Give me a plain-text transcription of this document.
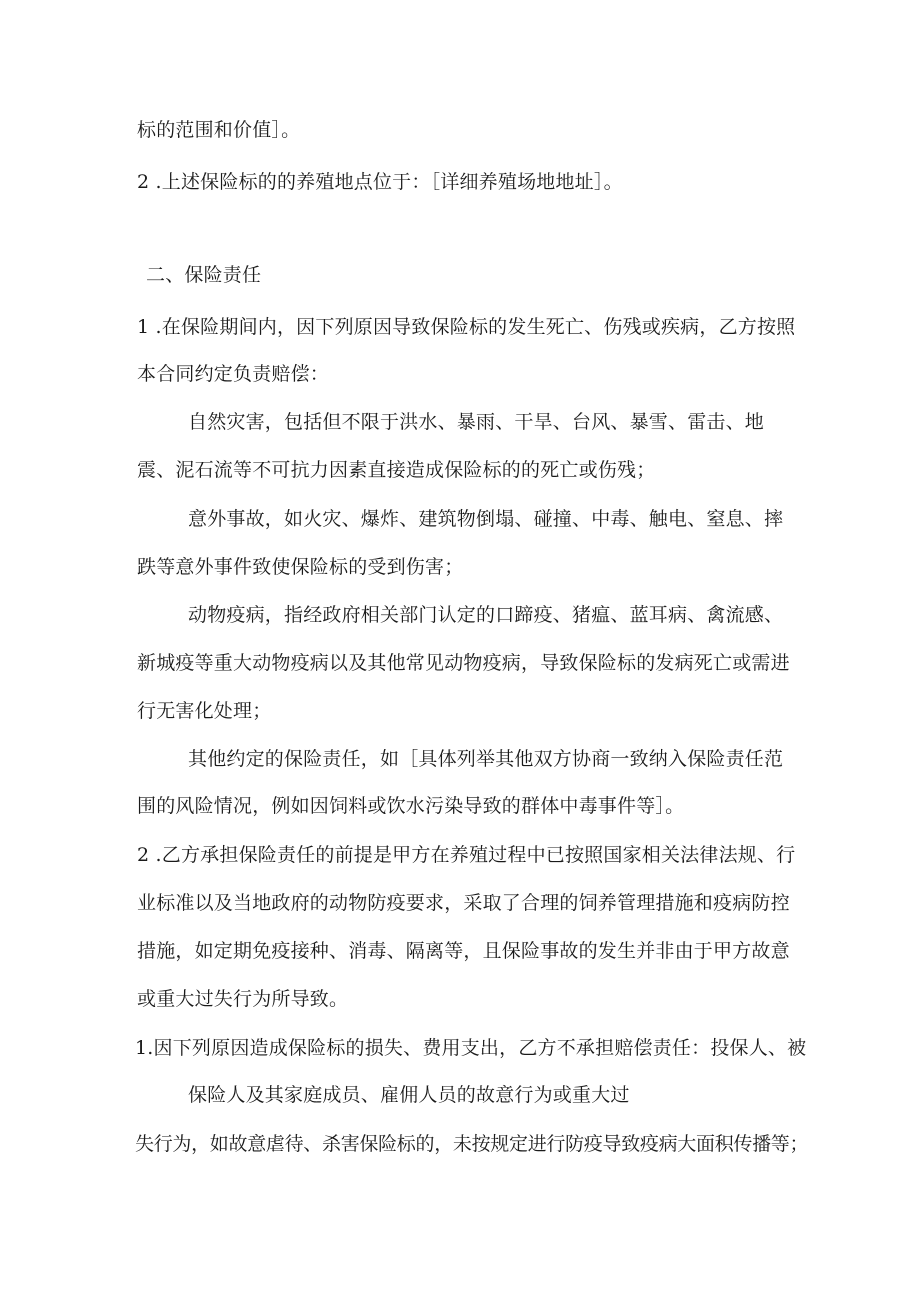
标的范围和价值］。
2 .上述保险标的的养殖地点位于：［详细养殖场地地址］。
二、保险责任
1 .在保险期间内，因下列原因导致保险标的发生死亡、伤残或疾病，乙方按照
本合同约定负责赔偿：
自然灾害，包括但不限于洪水、暴雨、干旱、台风、暴雪、雷击、地
震、泥石流等不可抗力因素直接造成保险标的的死亡或伤残；
意外事故，如火灾、爆炸、建筑物倒塌、碰撞、中毒、触电、窒息、摔
跌等意外事件致使保险标的受到伤害；
动物疫病，指经政府相关部门认定的口蹄疫、猪瘟、蓝耳病、禽流感、
新城疫等重大动物疫病以及其他常见动物疫病，导致保险标的发病死亡或需进
行无害化处理；
其他约定的保险责任，如［具体列举其他双方协商一致纳入保险责任范
围的风险情况，例如因饲料或饮水污染导致的群体中毒事件等］。
2 .乙方承担保险责任的前提是甲方在养殖过程中已按照国家相关法律法规、行
业标准以及当地政府的动物防疫要求，采取了合理的饲养管理措施和疫病防控
措施，如定期免疫接种、消毒、隔离等，且保险事故的发生并非由于甲方故意
或重大过失行为所导致。
1.因下列原因造成保险标的损失、费用支出，乙方不承担赔偿责任：投保人、被
保险人及其家庭成员、雇佣人员的故意行为或重大过
失行为，如故意虐待、杀害保险标的，未按规定进行防疫导致疫病大面积传播等；
